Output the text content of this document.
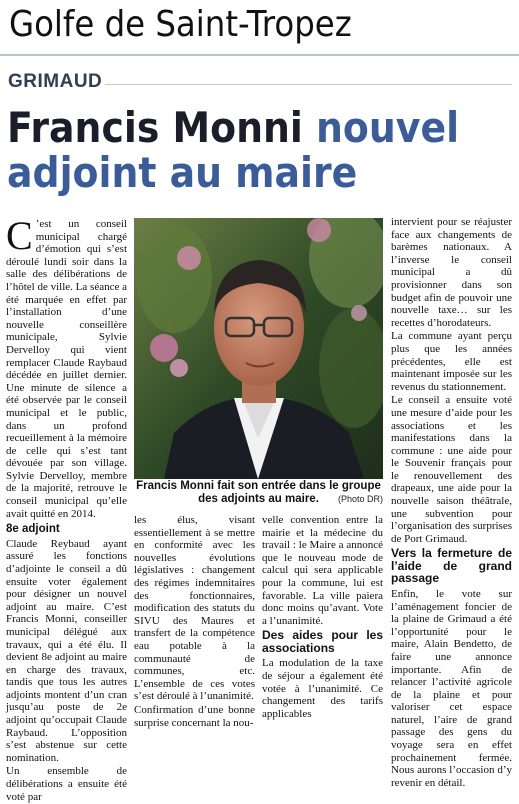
Golfe de Saint-Tropez
GRIMAUD
Francis Monni nouvel
adjoint au maire

C ’est un conseil municipal chargé d’émotion qui s’est déroulé lundi soir dans la salle des délibérations de l’hôtel de ville. La séance a été marquée en effet par l’installation d’une nouvelle conseillère municipale, Sylvie Dervelloy qui vient remplacer Claude Raybaud décédée en juillet dernier. Une minute de silence a été observée par le conseil municipal et le public, dans un profond recueillement à la mémoire de celle qui s’est tant dévouée par son village. Sylvie Dervelloy, membre de la majorité, retrouve le conseil municipal qu’elle avait quitté en 2014.

8e adjoint

Claude Reybaud ayant assuré les fonctions d’adjointe le conseil a dû ensuite voter également pour désigner un nouvel adjoint au maire. C’est Francis Monni, conseiller municipal délégué aux travaux, qui a été élu. Il devient 8e adjoint au maire en charge des travaux, tandis que tous les autres adjoints montent d’un cran jusqu’au poste de 2e adjoint qu’occupait Claude Raybaud. L’opposition s’est abstenue sur cette nomination.

Un ensemble de délibérations a ensuite été voté par

Francis Monni fait son entrée dans le groupe des adjoints au maire.	(Photo DR)

les élus, visant essentiellement à se mettre en conformité avec les nouvelles évolutions législatives : changement des régimes indemnitaires des fonctionnaires, modification des statuts du SIVU des Maures et transfert de la compétence eau potable à la communauté de communes, etc. L’ensemble de ces votes s’est déroulé à l’unanimité.

Confirmation d’une bonne surprise concernant la nou-

velle convention entre la mairie et la médecine du travail : le Maire a annoncé que le nouveau mode de calcul qui sera applicable pour la commune, lui est favorable. La ville paiera donc moins qu’avant. Vote a l’unanimité.

Des aides pour les associations

La modulation de la taxe de séjour a également été votée à l’unanimité. Ce changement des tarifs applicables

intervient pour se réajuster face aux changements de barèmes nationaux. A l’inverse le conseil municipal a dû provisionner dans son budget afin de pouvoir une nouvelle taxe… sur les recettes d’horodateurs.

La commune ayant perçu plus que les années précédentes, elle est maintenant imposée sur les revenus du stationnement.

Le conseil a ensuite voté une mesure d’aide pour les associations et les manifestations dans la commune : une aide pour le Souvenir français pour le renouvellement des drapeaux, une aide pour la nouvelle saison théâtrale, une subvention pour l’organisation des surprises de Port Grimaud.

Vers la fermeture de l’aide de grand passage

Enfin, le vote sur l’aménagement foncier de la plaine de Grimaud a été l’opportunité pour le maire, Alain Bendetto, de faire une annonce importante. Afin de relancer l’activité agricole de la plaine et pour valoriser cet espace naturel, l’aire de grand passage des gens du voyage sera en effet prochainement fermée. Nous aurons l’occasion d’y revenir en détail.
